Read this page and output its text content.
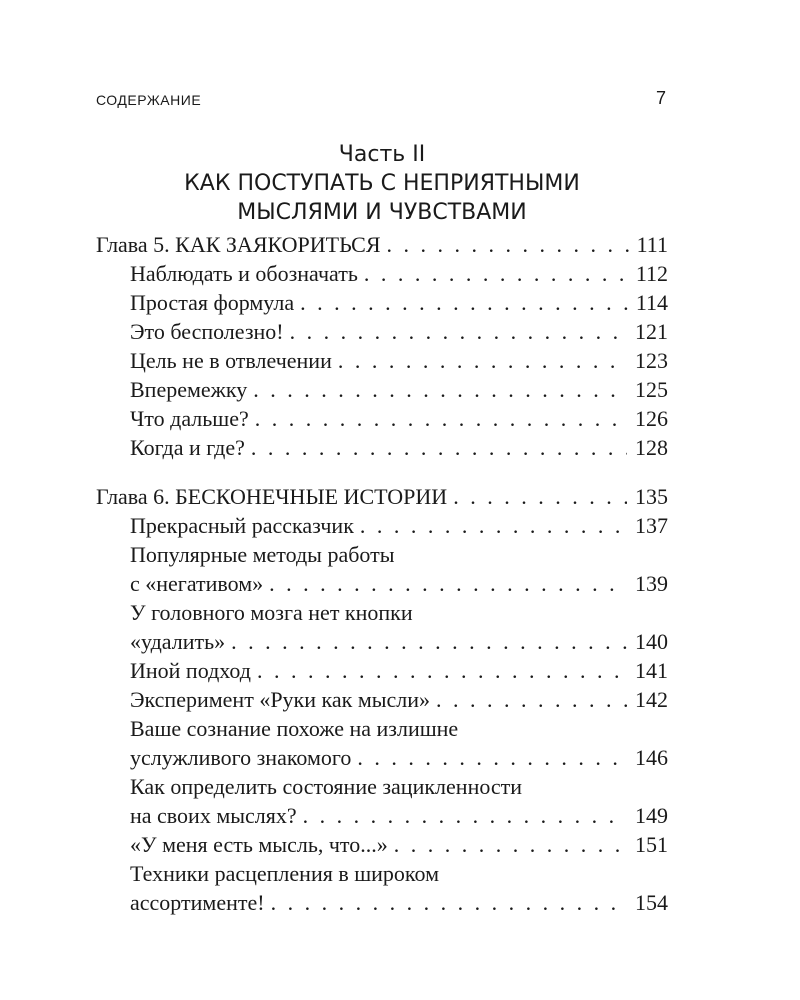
СОДЕРЖАНИЕ	7
Часть II
КАК ПОСТУПАТЬ С НЕПРИЯТНЫМИ
МЫСЛЯМИ И ЧУВСТВАМИ
Глава 5. КАК ЗАЯКОРИТЬСЯ . . .	111
Наблюдать и обозначать . . .	112
Простая формула . . .	114
Это бесполезно! . . .	121
Цель не в отвлечении . . .	123
Вперемежку . . .	125
Что дальше? . . .	126
Когда и где? . . .	128
Глава 6. БЕСКОНЕЧНЫЕ ИСТОРИИ . . .	135
Прекрасный рассказчик . . .	137
Популярные методы работы
с «негативом» . . .	139
У головного мозга нет кнопки
«удалить» . . .	140
Иной подход . . .	141
Эксперимент «Руки как мысли» . . .	142
Ваше сознание похоже на излишне
услужливого знакомого . . .	146
Как определить состояние зацикленности
на своих мыслях? . . .	149
«У меня есть мысль, что...» . . .	151
Техники расцепления в широком
ассортименте! . . .	154
